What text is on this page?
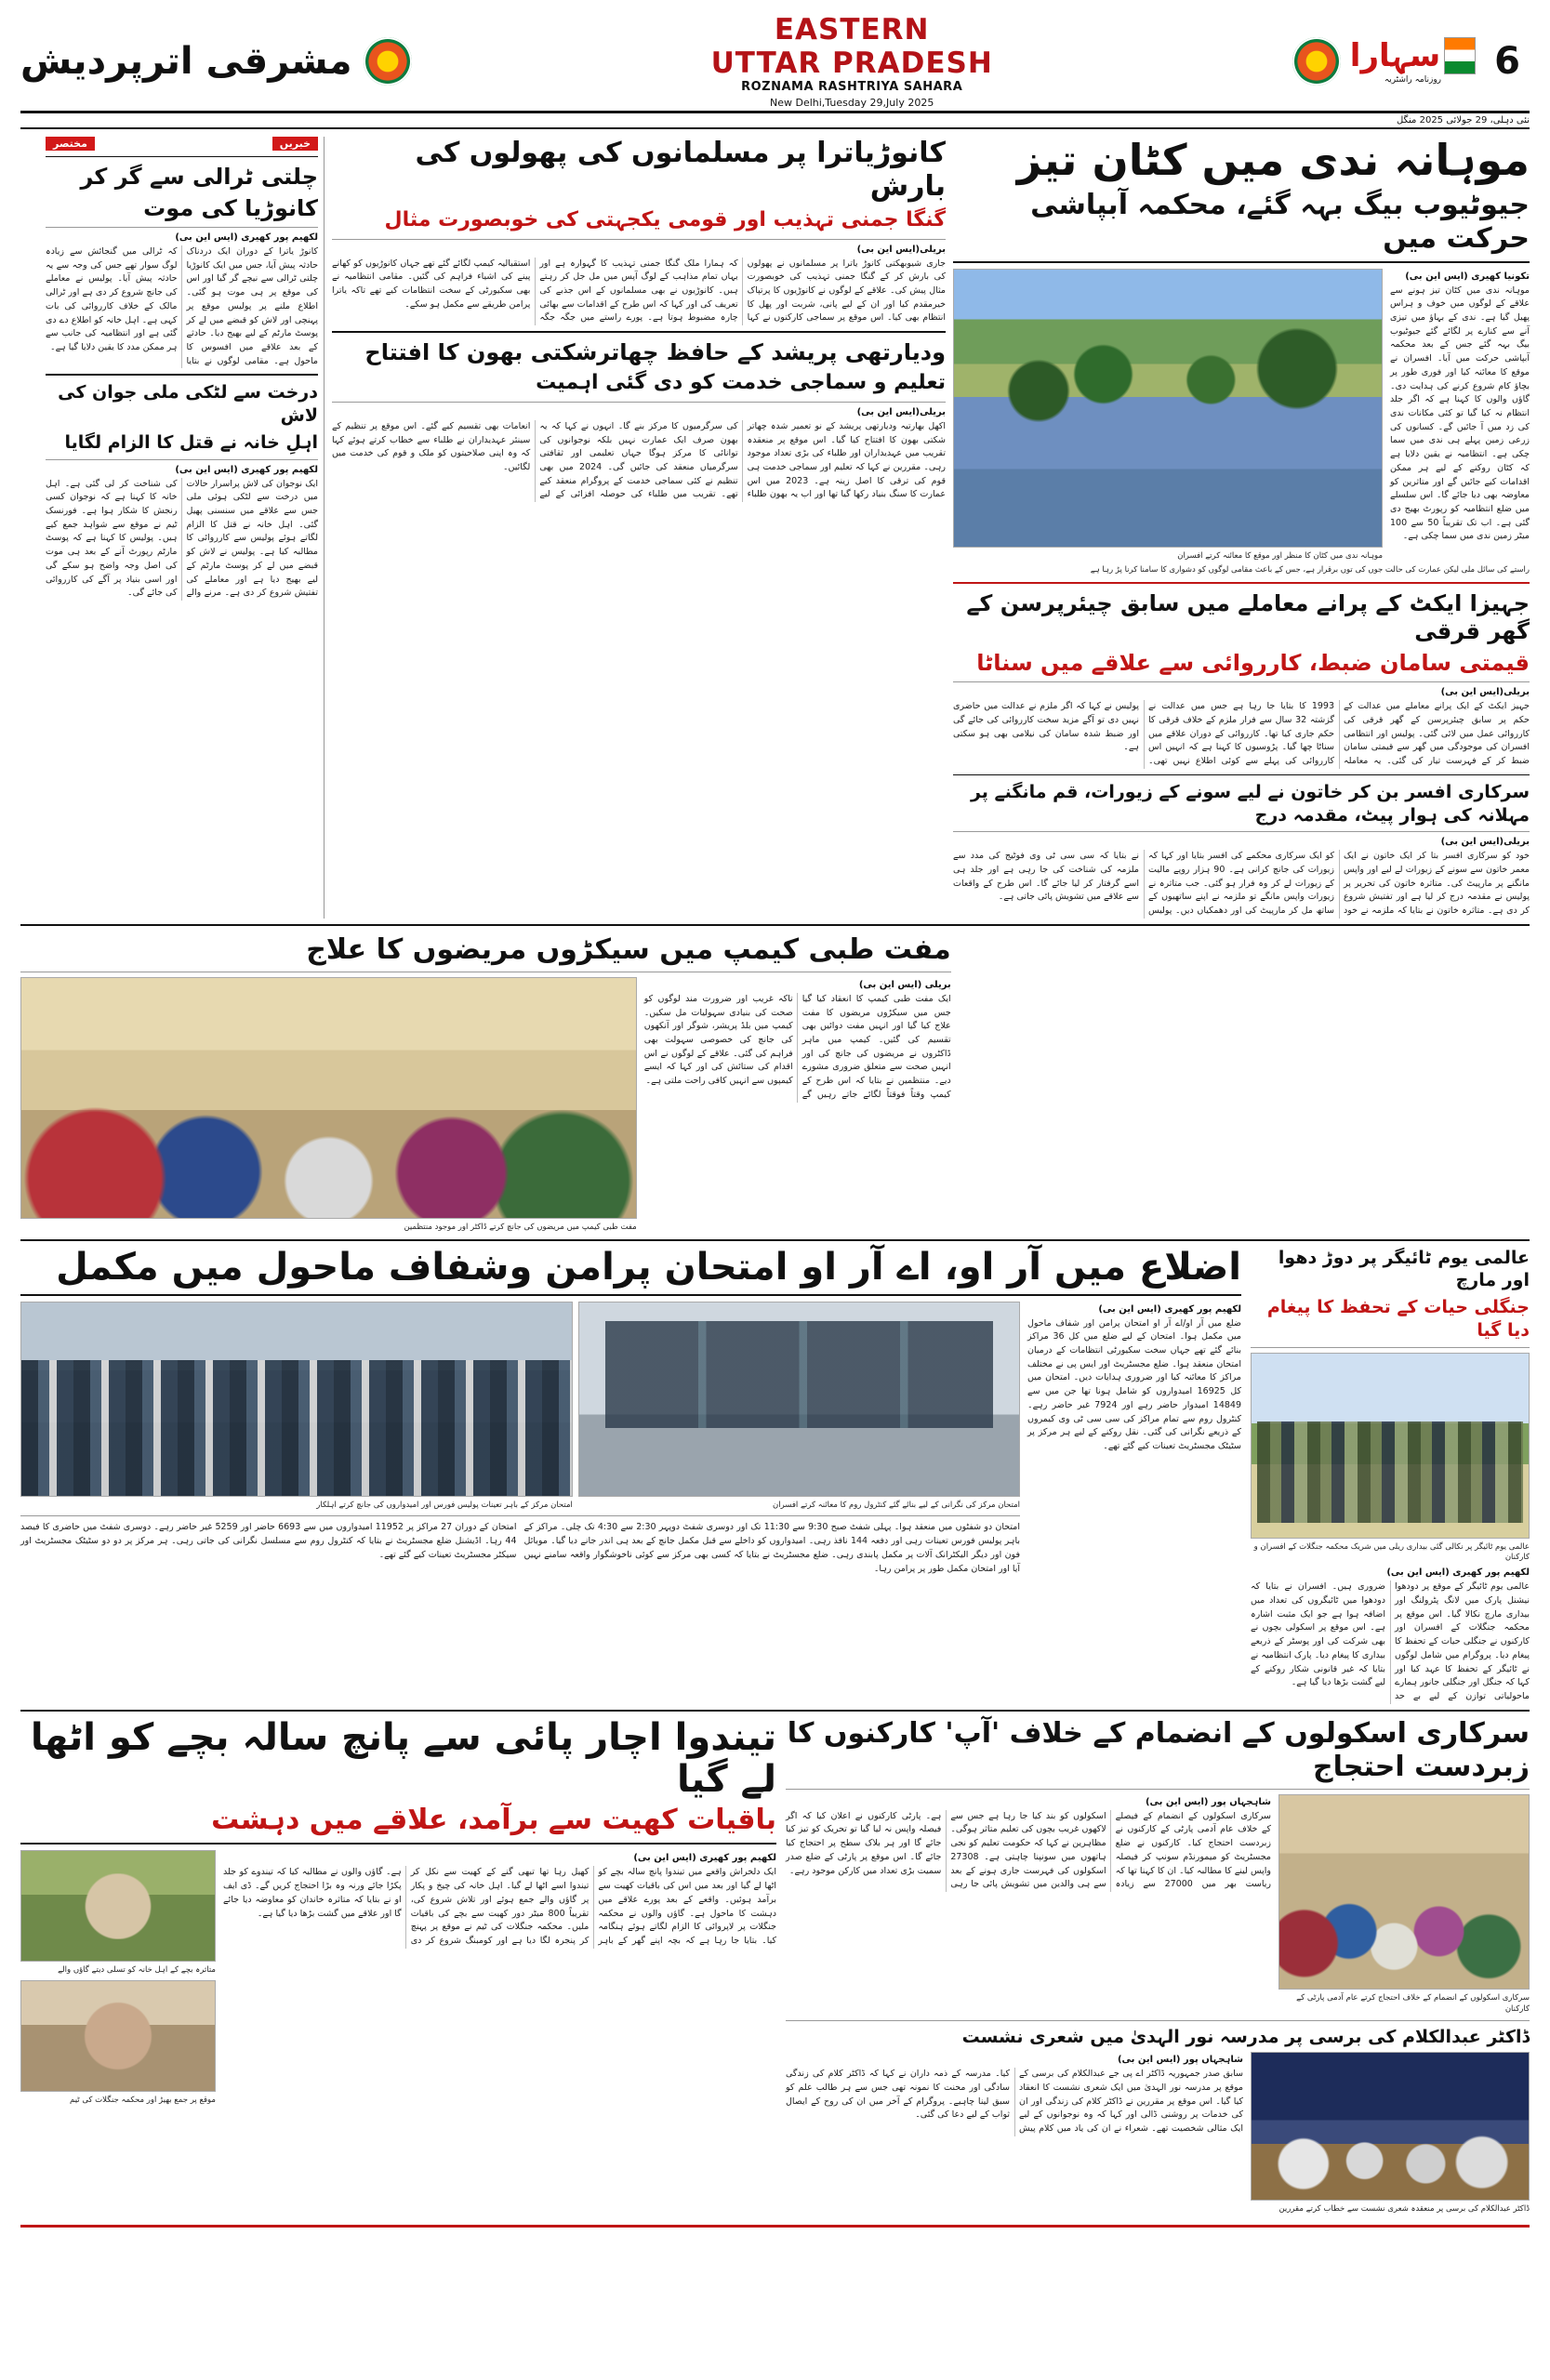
6
سہارا
روزنامہ راشٹریہ
EASTERN
UTTAR PRADESH
ROZNAMA RASHTRIYA SAHARA
New Delhi,Tuesday 29,July 2025
مشرقی اترپردیش
نئی دہلی، 29 جولائی 2025 منگل
موہانہ ندی میں کٹان تیز
جیوٹیوب بیگ بہہ گئے، محکمہ آبپاشی حرکت میں
تکونیا کھیری (ایس این بی)
موہانہ ندی میں کٹان تیز ہونے سے علاقے کے لوگوں میں خوف و ہراس پھیل گیا ہے۔ ندی کے بہاؤ میں تیزی آنے سے کنارے پر لگائے گئے جیوٹیوب بیگ بہہ گئے جس کے بعد محکمہ آبپاشی حرکت میں آیا۔ افسران نے موقع کا معائنہ کیا اور فوری طور پر بچاؤ کام شروع کرنے کی ہدایت دی۔ گاؤں والوں کا کہنا ہے کہ اگر جلد انتظام نہ کیا گیا تو کئی مکانات ندی کی زد میں آ جائیں گے۔ کسانوں کی زرعی زمین پہلے ہی ندی میں سما چکی ہے۔ انتظامیہ نے یقین دلایا ہے کہ کٹان روکنے کے لیے ہر ممکن اقدامات کیے جائیں گے اور متاثرین کو معاوضہ بھی دیا جائے گا۔ اس سلسلے میں ضلع انتظامیہ کو رپورٹ بھیج دی گئی ہے۔ اب تک تقریباً 50 سے 100 میٹر زمین ندی میں سما چکی ہے۔
موہانہ ندی میں کٹان کا منظر اور موقع کا معائنہ کرتے افسران
راستے کی سائل ملی لیکن عمارت کی حالت جوں کی توں برقرار ہے، جس کے باعث مقامی لوگوں کو دشواری کا سامنا کرنا پڑ رہا ہے
جہیزا ایکٹ کے پرانے معاملے میں سابق چیئرپرسن کے گھر قرقی
قیمتی سامان ضبط، کارروائی سے علاقے میں سناٹا
بریلی(ایس این بی)
جہیز ایکٹ کے ایک پرانے معاملے میں عدالت کے حکم پر سابق چیئرپرسن کے گھر قرقی کی کارروائی عمل میں لائی گئی۔ پولیس اور انتظامی افسران کی موجودگی میں گھر سے قیمتی سامان ضبط کر کے فہرست تیار کی گئی۔ یہ معاملہ 1993 کا بتایا جا رہا ہے جس میں عدالت نے گزشتہ 32 سال سے فرار ملزم کے خلاف قرقی کا حکم جاری کیا تھا۔ کارروائی کے دوران علاقے میں سناٹا چھا گیا۔ پڑوسیوں کا کہنا ہے کہ انہیں اس کارروائی کی پہلے سے کوئی اطلاع نہیں تھی۔ پولیس نے کہا کہ اگر ملزم نے عدالت میں حاضری نہیں دی تو آگے مزید سخت کارروائی کی جائے گی اور ضبط شدہ سامان کی نیلامی بھی ہو سکتی ہے۔
سرکاری افسر بن کر خاتون نے لیے سونے کے زیورات، قم مانگنے پر مہلانہ کی ہوار پیٹ، مقدمہ درج
بریلی(ایس این بی)
خود کو سرکاری افسر بتا کر ایک خاتون نے ایک معمر خاتون سے سونے کے زیورات لے لیے اور واپس مانگنے پر مارپیٹ کی۔ متاثرہ خاتون کی تحریر پر پولیس نے مقدمہ درج کر لیا ہے اور تفتیش شروع کر دی ہے۔ متاثرہ خاتون نے بتایا کہ ملزمہ نے خود کو ایک سرکاری محکمے کی افسر بتایا اور کہا کہ زیورات کی جانچ کرانی ہے۔ 90 ہزار روپے مالیت کے زیورات لے کر وہ فرار ہو گئی۔ جب متاثرہ نے زیورات واپس مانگے تو ملزمہ نے اپنے ساتھیوں کے ساتھ مل کر مارپیٹ کی اور دھمکیاں دیں۔ پولیس نے بتایا کہ سی سی ٹی وی فوٹیج کی مدد سے ملزمہ کی شناخت کی جا رہی ہے اور جلد ہی اسے گرفتار کر لیا جائے گا۔ اس طرح کے واقعات سے علاقے میں تشویش پائی جاتی ہے۔
کانوڑیاترا پر مسلمانوں کی پھولوں کی بارش
گنگا جمنی تہذیب اور قومی یکجہتی کی خوبصورت مثال
بریلی(ایس این بی)
جاری شیوبھکتی کانوڑ یاترا پر مسلمانوں نے پھولوں کی بارش کر کے گنگا جمنی تہذیب کی خوبصورت مثال پیش کی۔ علاقے کے لوگوں نے کانوڑیوں کا پرتپاک خیرمقدم کیا اور ان کے لیے پانی، شربت اور پھل کا انتظام بھی کیا۔ اس موقع پر سماجی کارکنوں نے کہا کہ ہمارا ملک گنگا جمنی تہذیب کا گہوارہ ہے اور یہاں تمام مذاہب کے لوگ آپس میں مل جل کر رہتے ہیں۔ کانوڑیوں نے بھی مسلمانوں کے اس جذبے کی تعریف کی اور کہا کہ اس طرح کے اقدامات سے بھائی چارہ مضبوط ہوتا ہے۔ پورے راستے میں جگہ جگہ استقبالیہ کیمپ لگائے گئے تھے جہاں کانوڑیوں کو کھانے پینے کی اشیاء فراہم کی گئیں۔ مقامی انتظامیہ نے بھی سکیورٹی کے سخت انتظامات کیے تھے تاکہ یاترا پرامن طریقے سے مکمل ہو سکے۔
ودیارتھی پریشد کے حافظ چھاترشکتی بھون کا افتتاح
تعلیم و سماجی خدمت کو دی گئی اہمیت
بریلی(ایس این بی)
اکھل بھارتیہ ودیارتھی پریشد کے نو تعمیر شدہ چھاتر شکتی بھون کا افتتاح کیا گیا۔ اس موقع پر منعقدہ تقریب میں عہدیداران اور طلباء کی بڑی تعداد موجود رہی۔ مقررین نے کہا کہ تعلیم اور سماجی خدمت ہی قوم کی ترقی کا اصل زینہ ہے۔ 2023 میں اس عمارت کا سنگ بنیاد رکھا گیا تھا اور اب یہ بھون طلباء کی سرگرمیوں کا مرکز بنے گا۔ انہوں نے کہا کہ یہ بھون صرف ایک عمارت نہیں بلکہ نوجوانوں کی توانائی کا مرکز ہوگا جہاں تعلیمی اور ثقافتی سرگرمیاں منعقد کی جائیں گی۔ 2024 میں بھی تنظیم نے کئی سماجی خدمت کے پروگرام منعقد کیے تھے۔ تقریب میں طلباء کی حوصلہ افزائی کے لیے انعامات بھی تقسیم کیے گئے۔ اس موقع پر تنظیم کے سینئر عہدیداران نے طلباء سے خطاب کرتے ہوئے کہا کہ وہ اپنی صلاحیتوں کو ملک و قوم کی خدمت میں لگائیں۔
خبریں
مختصر
چلتی ٹرالی سے گر کر
کانوڑیا کی موت
لکھیم پور کھیری (ایس این بی)
کانوڑ یاترا کے دوران ایک دردناک حادثہ پیش آیا، جس میں ایک کانوڑیا چلتی ٹرالی سے نیچے گر گیا اور اس کی موقع پر ہی موت ہو گئی۔ اطلاع ملنے پر پولیس موقع پر پہنچی اور لاش کو قبضے میں لے کر پوسٹ مارٹم کے لیے بھیج دیا۔ حادثے کے بعد علاقے میں افسوس کا ماحول ہے۔ مقامی لوگوں نے بتایا کہ ٹرالی میں گنجائش سے زیادہ لوگ سوار تھے جس کی وجہ سے یہ حادثہ پیش آیا۔ پولیس نے معاملے کی جانچ شروع کر دی ہے اور ٹرالی مالک کے خلاف کارروائی کی بات کہی ہے۔ اہل خانہ کو اطلاع دے دی گئی ہے اور انتظامیہ کی جانب سے ہر ممکن مدد کا یقین دلایا گیا ہے۔
درخت سے لٹکی ملی جوان کی لاش
اہلِ خانہ نے قتل کا الزام لگایا
لکھیم پور کھیری (ایس این بی)
ایک نوجوان کی لاش پراسرار حالات میں درخت سے لٹکی ہوئی ملی جس سے علاقے میں سنسنی پھیل گئی۔ اہل خانہ نے قتل کا الزام لگاتے ہوئے پولیس سے کارروائی کا مطالبہ کیا ہے۔ پولیس نے لاش کو قبضے میں لے کر پوسٹ مارٹم کے لیے بھیج دیا ہے اور معاملے کی تفتیش شروع کر دی ہے۔ مرنے والے کی شناخت کر لی گئی ہے۔ اہل خانہ کا کہنا ہے کہ نوجوان کسی رنجش کا شکار ہوا ہے۔ فورنسک ٹیم نے موقع سے شواہد جمع کیے ہیں۔ پولیس کا کہنا ہے کہ پوسٹ مارٹم رپورٹ آنے کے بعد ہی موت کی اصل وجہ واضح ہو سکے گی اور اسی بنیاد پر آگے کی کارروائی کی جائے گی۔
مفت طبی کیمپ میں سیکڑوں مریضوں کا علاج
بریلی (ایس این بی)
ایک مفت طبی کیمپ کا انعقاد کیا گیا جس میں سیکڑوں مریضوں کا مفت علاج کیا گیا اور انہیں مفت دوائیں بھی تقسیم کی گئیں۔ کیمپ میں ماہر ڈاکٹروں نے مریضوں کی جانچ کی اور انہیں صحت سے متعلق ضروری مشورے دیے۔ منتظمین نے بتایا کہ اس طرح کے کیمپ وقتاً فوقتاً لگائے جاتے رہیں گے تاکہ غریب اور ضرورت مند لوگوں کو صحت کی بنیادی سہولیات مل سکیں۔ کیمپ میں بلڈ پریشر، شوگر اور آنکھوں کی جانچ کی خصوصی سہولت بھی فراہم کی گئی۔ علاقے کے لوگوں نے اس اقدام کی ستائش کی اور کہا کہ ایسے کیمپوں سے انہیں کافی راحت ملتی ہے۔
مفت طبی کیمپ میں مریضوں کی جانچ کرتے ڈاکٹر اور موجود منتظمین
عالمی یوم ٹائیگر پر دوڑ دھوا اور مارچ
جنگلی حیات کے تحفظ کا پیغام دیا گیا
عالمی یوم ٹائیگر پر نکالی گئی بیداری ریلی میں شریک محکمہ جنگلات کے افسران و کارکنان
لکھیم پور کھیری (ایس این بی)
عالمی یوم ٹائیگر کے موقع پر دودھوا نیشنل پارک میں لانگ پٹرولنگ اور بیداری مارچ نکالا گیا۔ اس موقع پر محکمہ جنگلات کے افسران اور کارکنوں نے جنگلی حیات کے تحفظ کا پیغام دیا۔ پروگرام میں شامل لوگوں نے ٹائیگر کے تحفظ کا عہد کیا اور کہا کہ جنگل اور جنگلی جانور ہمارے ماحولیاتی توازن کے لیے بے حد ضروری ہیں۔ افسران نے بتایا کہ دودھوا میں ٹائیگروں کی تعداد میں اضافہ ہوا ہے جو ایک مثبت اشارہ ہے۔ اس موقع پر اسکولی بچوں نے بھی شرکت کی اور پوسٹر کے ذریعے بیداری کا پیغام دیا۔ پارک انتظامیہ نے بتایا کہ غیر قانونی شکار روکنے کے لیے گشت بڑھا دیا گیا ہے۔
اضلاع میں آر او، اے آر او امتحان پرامن وشفاف ماحول میں مکمل
لکھیم پور کھیری (ایس این بی)
ضلع میں آر او/اے آر او امتحان پرامن اور شفاف ماحول میں مکمل ہوا۔ امتحان کے لیے ضلع میں کل 36 مراکز بنائے گئے تھے جہاں سخت سکیورٹی انتظامات کے درمیان امتحان منعقد ہوا۔ ضلع مجسٹریٹ اور ایس پی نے مختلف مراکز کا معائنہ کیا اور ضروری ہدایات دیں۔ امتحان میں کل 16925 امیدواروں کو شامل ہونا تھا جن میں سے 14849 امیدوار حاضر رہے اور 7924 غیر حاضر رہے۔ کنٹرول روم سے تمام مراکز کی سی سی ٹی وی کیمروں کے ذریعے نگرانی کی گئی۔ نقل روکنے کے لیے ہر مرکز پر سٹیٹک مجسٹریٹ تعینات کیے گئے تھے۔
امتحان مرکز کی نگرانی کے لیے بنائے گئے کنٹرول روم کا معائنہ کرتے افسران
امتحان مرکز کے باہر تعینات پولیس فورس اور امیدواروں کی جانچ کرتے اہلکار
امتحان دو شفٹوں میں منعقد ہوا۔ پہلی شفٹ صبح 9:30 سے 11:30 تک اور دوسری شفٹ دوپہر 2:30 سے 4:30 تک چلی۔ مراکز کے باہر پولیس فورس تعینات رہی اور دفعہ 144 نافذ رہی۔ امیدواروں کو داخلے سے قبل مکمل جانچ کے بعد ہی اندر جانے دیا گیا۔ موبائل فون اور دیگر الیکٹرانک آلات پر مکمل پابندی رہی۔ ضلع مجسٹریٹ نے بتایا کہ کسی بھی مرکز سے کوئی ناخوشگوار واقعہ سامنے نہیں آیا اور امتحان مکمل طور پر پرامن رہا۔
امتحان کے دوران 27 مراکز پر 11952 امیدواروں میں سے 6693 حاضر اور 5259 غیر حاضر رہے۔ دوسری شفٹ میں حاضری کا فیصد 44 رہا۔ اڈیشنل ضلع مجسٹریٹ نے بتایا کہ کنٹرول روم سے مسلسل نگرانی کی جاتی رہی۔ ہر مرکز پر دو دو سٹیٹک مجسٹریٹ اور سیکٹر مجسٹریٹ تعینات کیے گئے تھے۔
سرکاری اسکولوں کے انضمام کے خلاف 'آپ' کارکنوں کا زبردست احتجاج
سرکاری اسکولوں کے انضمام کے خلاف احتجاج کرتے عام آدمی پارٹی کے کارکنان
شاہجہاں پور (ایس این بی)
سرکاری اسکولوں کے انضمام کے فیصلے کے خلاف عام آدمی پارٹی کے کارکنوں نے زبردست احتجاج کیا۔ کارکنوں نے ضلع مجسٹریٹ کو میمورنڈم سونپ کر فیصلہ واپس لینے کا مطالبہ کیا۔ ان کا کہنا تھا کہ ریاست بھر میں 27000 سے زیادہ اسکولوں کو بند کیا جا رہا ہے جس سے لاکھوں غریب بچوں کی تعلیم متاثر ہوگی۔ مظاہرین نے کہا کہ حکومت تعلیم کو نجی ہاتھوں میں سونپنا چاہتی ہے۔ 27308 اسکولوں کی فہرست جاری ہونے کے بعد سے ہی والدین میں تشویش پائی جا رہی ہے۔ پارٹی کارکنوں نے اعلان کیا کہ اگر فیصلہ واپس نہ لیا گیا تو تحریک کو تیز کیا جائے گا اور ہر بلاک سطح پر احتجاج کیا جائے گا۔ اس موقع پر پارٹی کے ضلع صدر سمیت بڑی تعداد میں کارکن موجود رہے۔
ڈاکٹر عبدالکلام کی برسی پر مدرسہ نور الہدیٰ میں شعری نشست
ڈاکٹر عبدالکلام کی برسی پر منعقدہ شعری نشست سے خطاب کرتے مقررین
شاہجہاں پور (ایس این بی)
سابق صدر جمہوریہ ڈاکٹر اے پی جے عبدالکلام کی برسی کے موقع پر مدرسہ نور الہدیٰ میں ایک شعری نشست کا انعقاد کیا گیا۔ اس موقع پر مقررین نے ڈاکٹر کلام کی زندگی اور ان کی خدمات پر روشنی ڈالی اور کہا کہ وہ نوجوانوں کے لیے ایک مثالی شخصیت تھے۔ شعراء نے ان کی یاد میں کلام پیش کیا۔ مدرسہ کے ذمہ داران نے کہا کہ ڈاکٹر کلام کی زندگی سادگی اور محنت کا نمونہ تھی جس سے ہر طالب علم کو سبق لینا چاہیے۔ پروگرام کے آخر میں ان کی روح کے ایصال ثواب کے لیے دعا کی گئی۔
تیندوا اچار پائی سے پانچ سالہ بچے کو اٹھا لے گیا
باقیات کھیت سے برآمد، علاقے میں دہشت
لکھیم پور کھیری (ایس این بی)
ایک دلخراش واقعے میں تیندوا پانچ سالہ بچے کو اٹھا لے گیا اور بعد میں اس کی باقیات کھیت سے برآمد ہوئیں۔ واقعے کے بعد پورے علاقے میں دہشت کا ماحول ہے۔ گاؤں والوں نے محکمہ جنگلات پر لاپروائی کا الزام لگاتے ہوئے ہنگامہ کیا۔ بتایا جا رہا ہے کہ بچہ اپنے گھر کے باہر کھیل رہا تھا تبھی گنے کے کھیت سے نکل کر تیندوا اسے اٹھا لے گیا۔ اہل خانہ کی چیخ و پکار پر گاؤں والے جمع ہوئے اور تلاش شروع کی، تقریباً 800 میٹر دور کھیت سے بچے کی باقیات ملیں۔ محکمہ جنگلات کی ٹیم نے موقع پر پہنچ کر پنجرہ لگا دیا ہے اور کومبنگ شروع کر دی ہے۔ گاؤں والوں نے مطالبہ کیا کہ تیندوے کو جلد پکڑا جائے ورنہ وہ بڑا احتجاج کریں گے۔ ڈی ایف او نے بتایا کہ متاثرہ خاندان کو معاوضہ دیا جائے گا اور علاقے میں گشت بڑھا دیا گیا ہے۔
متاثرہ بچے کے اہل خانہ کو تسلی دیتے گاؤں والے
موقع پر جمع بھیڑ اور محکمہ جنگلات کی ٹیم
